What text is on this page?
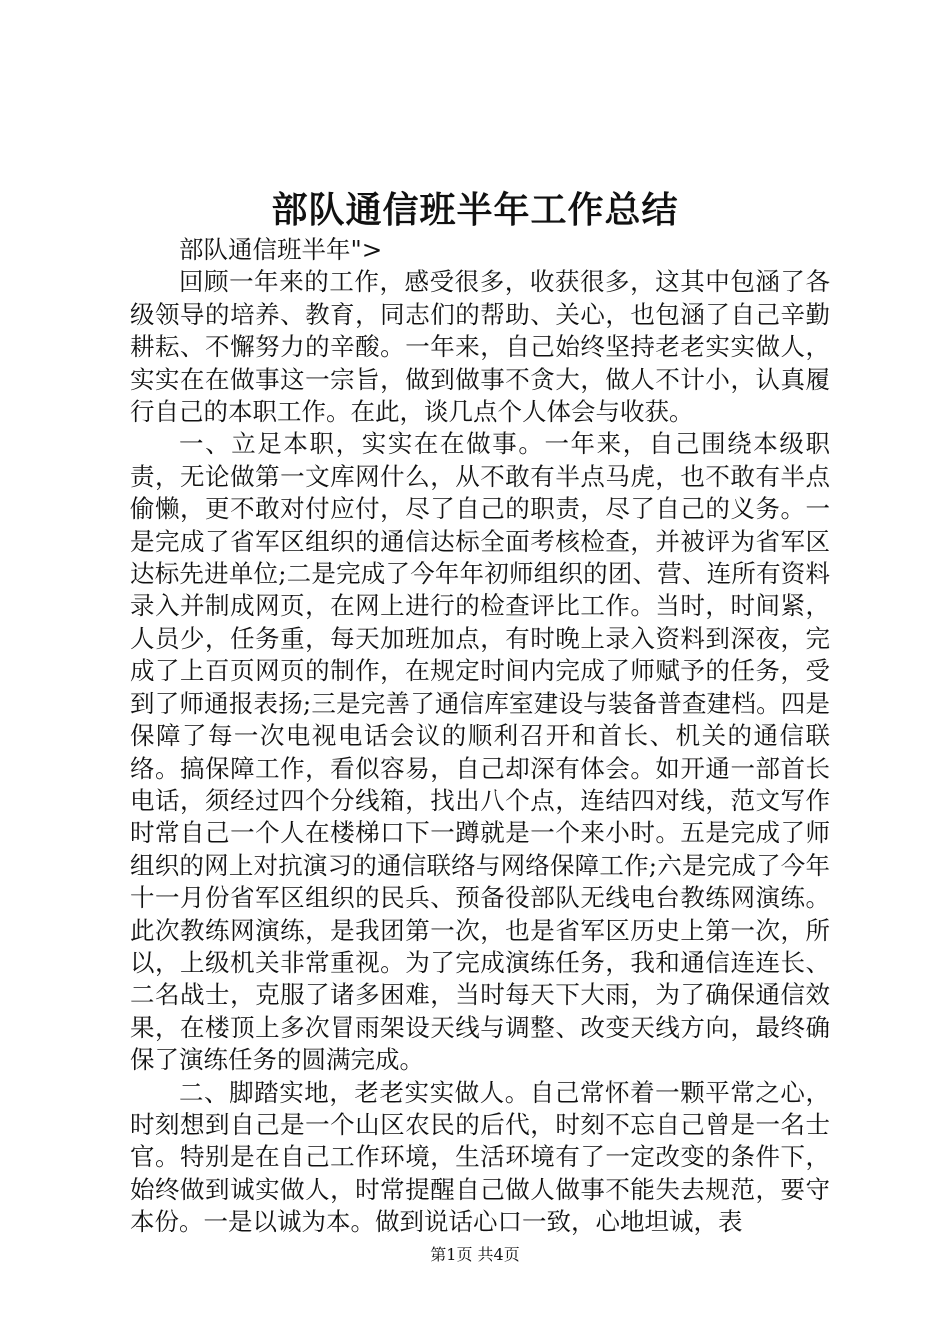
部队通信班半年工作总结

部队通信班半年">

回顾一年来的工作，感受很多，收获很多，这其中包涵了各级领导的培养、教育，同志们的帮助、关心，也包涵了自己辛勤耕耘、不懈努力的辛酸。一年来，自己始终坚持老老实实做人，实实在在做事这一宗旨，做到做事不贪大，做人不计小，认真履行自己的本职工作。在此，谈几点个人体会与收获。

一、立足本职，实实在在做事。一年来，自己围绕本级职责，无论做第一文库网什么，从不敢有半点马虎，也不敢有半点偷懒，更不敢对付应付，尽了自己的职责，尽了自己的义务。一是完成了省军区组织的通信达标全面考核检查，并被评为省军区达标先进单位;二是完成了今年年初师组织的团、营、连所有资料录入并制成网页，在网上进行的检查评比工作。当时，时间紧，人员少，任务重，每天加班加点，有时晚上录入资料到深夜，完成了上百页网页的制作，在规定时间内完成了师赋予的任务，受到了师通报表扬;三是完善了通信库室建设与装备普查建档。四是保障了每一次电视电话会议的顺利召开和首长、机关的通信联络。搞保障工作，看似容易，自己却深有体会。如开通一部首长电话，须经过四个分线箱，找出八个点，连结四对线，范文写作时常自己一个人在楼梯口下一蹲就是一个来小时。五是完成了师组织的网上对抗演习的通信联络与网络保障工作;六是完成了今年十一月份省军区组织的民兵、预备役部队无线电台教练网演练。此次教练网演练，是我团第一次，也是省军区历史上第一次，所以，上级机关非常重视。为了完成演练任务，我和通信连连长、二名战士，克服了诸多困难，当时每天下大雨，为了确保通信效果，在楼顶上多次冒雨架设天线与调整、改变天线方向，最终确保了演练任务的圆满完成。

二、脚踏实地，老老实实做人。自己常怀着一颗平常之心，时刻想到自己是一个山区农民的后代，时刻不忘自己曾是一名士官。特别是在自己工作环境，生活环境有了一定改变的条件下，始终做到诚实做人，时常提醒自己做人做事不能失去规范，要守本份。一是以诚为本。做到说话心口一致，心地坦诚，表

第1页 共4页
